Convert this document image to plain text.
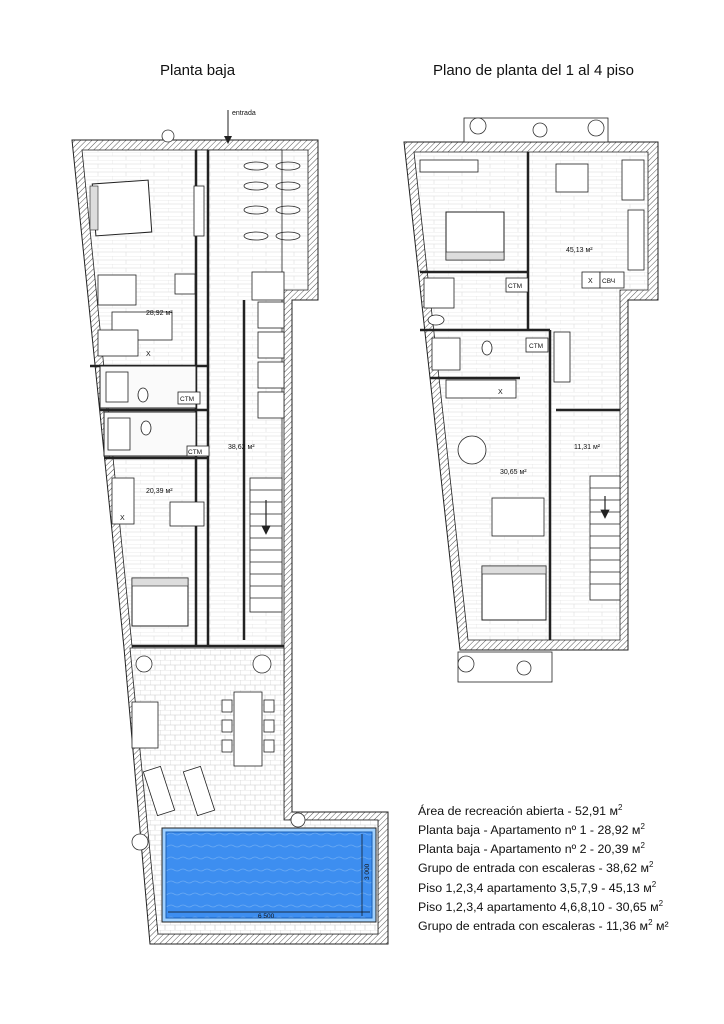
Planta baja	Plano de planta del 1 al 4 piso
entrada
28,92 м²
20,39 м²
38,62 м²
X
X
CTM
CTM
6 500
3 000
45,13 м²
30,65 м²
11,31 м²
CTM
CTM
СВЧ
X
X
Área de recreación abierta - 52,91 $м^2$
Planta baja - Apartamento nº 1 - 28,92 $м^2$
Planta baja - Apartamento nº 2 - 20,39 $м^2$
Grupo de entrada con escaleras - 38,62 $м^2$
Piso 1,2,3,4 apartamento 3,5,7,9 - 45,13 $м^2$
Piso 1,2,3,4 apartamento 4,6,8,10 - 30,65 $м^2$
Grupo de entrada con escaleras - 11,36 $м^2$ м²
